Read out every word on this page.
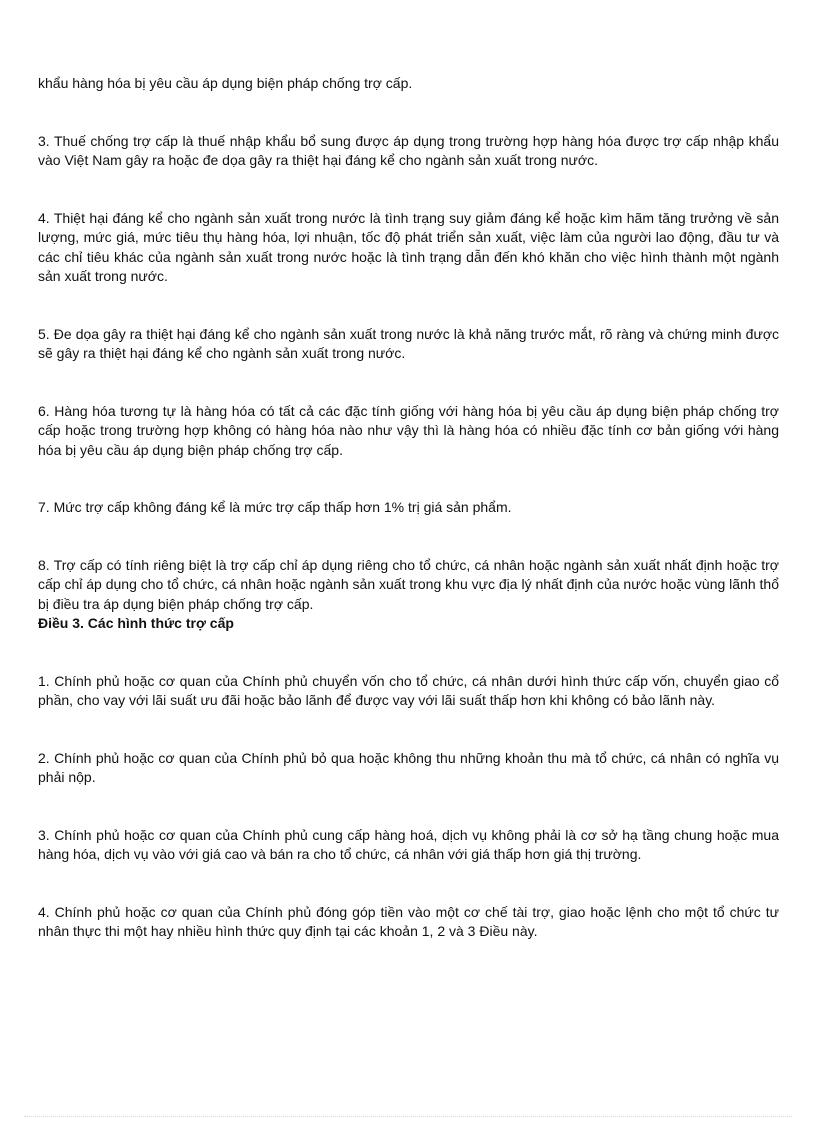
khẩu hàng hóa bị yêu cầu áp dụng biện pháp chống trợ cấp.

3. Thuế chống trợ cấp là thuế nhập khẩu bổ sung được áp dụng trong trường hợp hàng hóa được trợ cấp nhập khẩu vào Việt Nam gây ra hoặc đe dọa gây ra thiệt hại đáng kể cho ngành sản xuất trong nước.

4. Thiệt hại đáng kể cho ngành sản xuất trong nước là tình trạng suy giảm đáng kể hoặc kìm hãm tăng trưởng về sản lượng, mức giá, mức tiêu thụ hàng hóa, lợi nhuận, tốc độ phát triển sản xuất, việc làm của người lao động, đầu tư và các chỉ tiêu khác của ngành sản xuất trong nước hoặc là tình trạng dẫn đến khó khăn cho việc hình thành một ngành sản xuất trong nước.

5. Đe dọa gây ra thiệt hại đáng kể cho ngành sản xuất trong nước là khả năng trước mắt, rõ ràng và chứng minh được sẽ gây ra thiệt hại đáng kể cho ngành sản xuất trong nước.

6. Hàng hóa tương tự là hàng hóa có tất cả các đặc tính giống với hàng hóa bị yêu cầu áp dụng biện pháp chống trợ cấp hoặc trong trường hợp không có hàng hóa nào như vậy thì là hàng hóa có nhiều đặc tính cơ bản giống với hàng hóa bị yêu cầu áp dụng biện pháp chống trợ cấp.

7. Mức trợ cấp không đáng kể là mức trợ cấp thấp hơn 1% trị giá sản phẩm.

8. Trợ cấp có tính riêng biệt là trợ cấp chỉ áp dụng riêng cho tổ chức, cá nhân hoặc ngành sản xuất nhất định hoặc trợ cấp chỉ áp dụng cho tổ chức, cá nhân hoặc ngành sản xuất trong khu vực địa lý nhất định của nước hoặc vùng lãnh thổ bị điều tra áp dụng biện pháp chống trợ cấp.

Điều 3. Các hình thức trợ cấp

1. Chính phủ hoặc cơ quan của Chính phủ chuyển vốn cho tổ chức, cá nhân dưới hình thức cấp vốn, chuyển giao cổ phần, cho vay với lãi suất ưu đãi hoặc bảo lãnh để được vay với lãi suất thấp hơn khi không có bảo lãnh này.

2. Chính phủ hoặc cơ quan của Chính phủ bỏ qua hoặc không thu những khoản thu mà tổ chức, cá nhân có nghĩa vụ phải nộp.

3. Chính phủ hoặc cơ quan của Chính phủ cung cấp hàng hoá, dịch vụ không phải là cơ sở hạ tầng chung hoặc mua hàng hóa, dịch vụ vào với giá cao và bán ra cho tổ chức, cá nhân với giá thấp hơn giá thị trường.

4. Chính phủ hoặc cơ quan của Chính phủ đóng góp tiền vào một cơ chế tài trợ, giao hoặc lệnh cho một tổ chức tư nhân thực thi một hay nhiều hình thức quy định tại các khoản 1, 2 và 3 Điều này.
